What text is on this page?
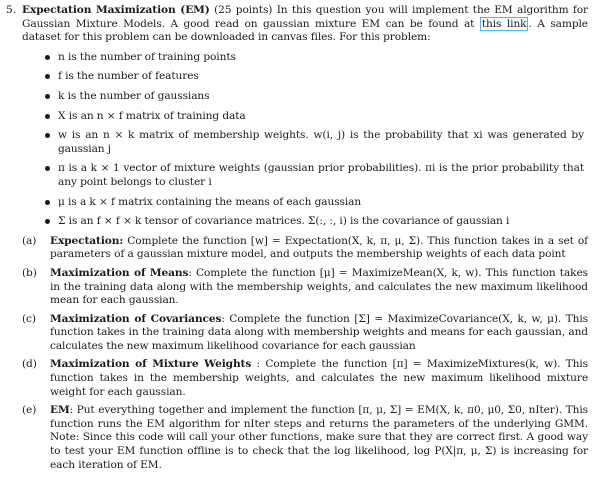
5. Expectation Maximization (EM) (25 points) In this question you will implement the EM algorithm for Gaussian Mixture Models. A good read on gaussian mixture EM can be found at this link . A sample dataset for this problem can be downloaded in canvas files. For this problem:

n is the number of training points
f is the number of features
k is the number of gaussians
X is an n × f matrix of training data
w is an n × k matrix of membership weights. w(i, j) is the probability that xi was generated by gaussian j
π is a k × 1 vector of mixture weights (gaussian prior probabilities). πi is the prior probability that any point belongs to cluster i
μ is a k × f matrix containing the means of each gaussian
Σ is an f × f × k tensor of covariance matrices. Σ(:, :, i) is the covariance of gaussian i
(a) Expectation: Complete the function [w] = Expectation(X, k, π, μ, Σ). This function takes in a set of parameters of a gaussian mixture model, and outputs the membership weights of each data point
(b) Maximization of Means: Complete the function [μ] = MaximizeMean(X, k, w). This function takes in the training data along with the membership weights, and calculates the new maximum likelihood mean for each gaussian.
(c) Maximization of Covariances: Complete the function [Σ] = MaximizeCovariance(X, k, w, μ). This function takes in the training data along with membership weights and means for each gaussian, and calculates the new maximum likelihood covariance for each gaussian
(d) Maximization of Mixture Weights : Complete the function [π] = MaximizeMixtures(k, w). This function takes in the membership weights, and calculates the new maximum likelihood mixture weight for each gaussian.
(e) EM: Put everything together and implement the function [π, μ, Σ] = EM(X, k, π0, μ0, Σ0, nIter). This function runs the EM algorithm for nIter steps and returns the parameters of the underlying GMM. Note: Since this code will call your other functions, make sure that they are correct first. A good way to test your EM function offline is to check that the log likelihood, log P(X|π, μ, Σ) is increasing for each iteration of EM.
